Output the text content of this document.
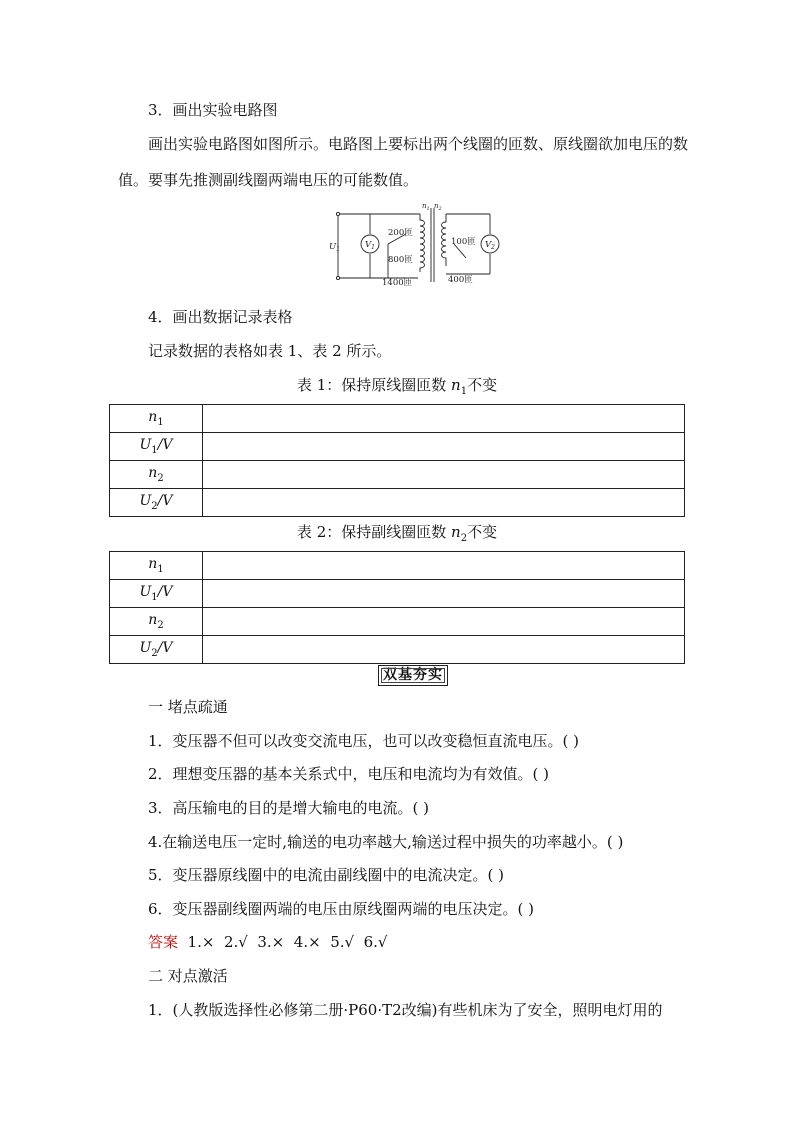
3．画出实验电路图
画出实验电路图如图所示。电路图上要标出两个线圈的匝数、原线圈欲加电压的数值。要事先推测副线圈两端电压的可能数值。
$V_1$	$V_2$
$U_1$
$n_1$ $n_2$
200匝
800匝
1400匝
100匝
400匝
4．画出数据记录表格
记录数据的表格如表 1、表 2 所示。
表 1：保持原线圈匝数 $n_1$不变
$n_1$	
$U_1/V$	
$n_2$	
$U_2/V$	
表 2：保持副线圈匝数 $n_2$不变
$n_1$	
$U_1/V$	
$n_2$	
$U_2/V$	
双基夯实
一 堵点疏通
1．变压器不但可以改变交流电压，也可以改变稳恒直流电压。( )
2．理想变压器的基本关系式中，电压和电流均为有效值。( )
3．高压输电的目的是增大输电的电流。( )
4.在输送电压一定时,输送的电功率越大,输送过程中损失的功率越小。( )
5．变压器原线圈中的电流由副线圈中的电流决定。( )
6．变压器副线圈两端的电压由原线圈两端的电压决定。( )
答案  1.×  2.√  3.×  4.×  5.√  6.√
二 对点激活
1．(人教版选择性必修第二册·P60·T2改编)有些机床为了安全，照明电灯用的
